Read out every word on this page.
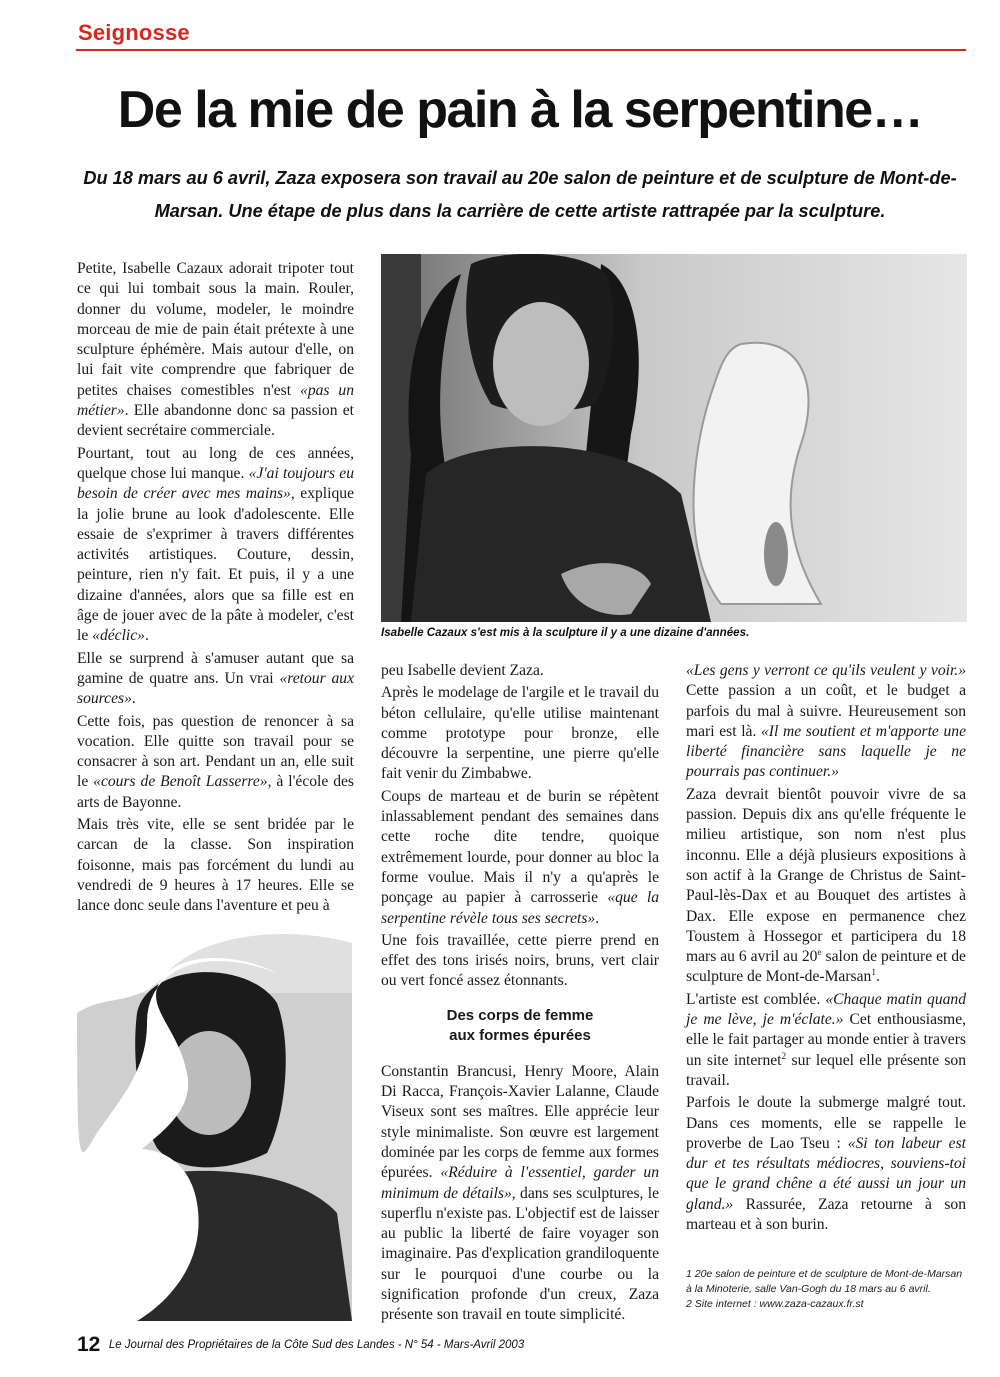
Seignosse
De la mie de pain à la serpentine…
Du 18 mars au 6 avril, Zaza exposera son travail au 20e salon de peinture et de sculpture de Mont-de-
Marsan. Une étape de plus dans la carrière de cette artiste rattrapée par la sculpture.

Petite, Isabelle Cazaux adorait tripoter tout ce qui lui tombait sous la main. Rouler, donner du volume, modeler, le moindre morceau de mie de pain était prétexte à une sculpture éphémère. Mais autour d'elle, on lui fait vite comprendre que fabriquer de petites chaises comestibles n'est «pas un métier». Elle abandonne donc sa passion et devient secrétaire commerciale.

Pourtant, tout au long de ces années, quelque chose lui manque. «J'ai toujours eu besoin de créer avec mes mains», explique la jolie brune au look d'adolescente. Elle essaie de s'exprimer à travers différentes activités artistiques. Couture, dessin, peinture, rien n'y fait. Et puis, il y a une dizaine d'années, alors que sa fille est en âge de jouer avec de la pâte à modeler, c'est le «déclic».

Elle se surprend à s'amuser autant que sa gamine de quatre ans. Un vrai «retour aux sources».

Cette fois, pas question de renoncer à sa vocation. Elle quitte son travail pour se consacrer à son art. Pendant un an, elle suit le «cours de Benoît Lasserre», à l'école des arts de Bayonne.

Mais très vite, elle se sent bridée par le carcan de la classe. Son inspiration foisonne, mais pas forcément du lundi au vendredi de 9 heures à 17 heures. Elle se lance donc seule dans l'aventure et peu à

Isabelle Cazaux s'est mis à la sculpture il y a une dizaine d'années.

peu Isabelle devient Zaza.

Après le modelage de l'argile et le travail du béton cellulaire, qu'elle utilise maintenant comme prototype pour bronze, elle découvre la serpentine, une pierre qu'elle fait venir du Zimbabwe.

Coups de marteau et de burin se répètent inlassablement pendant des semaines dans cette roche dite tendre, quoique extrêmement lourde, pour donner au bloc la forme voulue. Mais il n'y a qu'après le ponçage au papier à carrosserie «que la serpentine révèle tous ses secrets».

Une fois travaillée, cette pierre prend en effet des tons irisés noirs, bruns, vert clair ou vert foncé assez étonnants.

Des corps de femme
aux formes épurées

Constantin Brancusi, Henry Moore, Alain Di Racca, François-Xavier Lalanne, Claude Viseux sont ses maîtres. Elle apprécie leur style minimaliste. Son œuvre est largement dominée par les corps de femme aux formes épurées. «Réduire à l'essentiel, garder un minimum de détails», dans ses sculptures, le superflu n'existe pas. L'objectif est de laisser au public la liberté de faire voyager son imaginaire. Pas d'explication grandiloquente sur le pourquoi d'une courbe ou la signification profonde d'un creux, Zaza présente son travail en toute simplicité.

«Les gens y verront ce qu'ils veulent y voir.» Cette passion a un coût, et le budget a parfois du mal à suivre. Heureusement son mari est là. «Il me soutient et m'apporte une liberté financière sans laquelle je ne pourrais pas continuer.»

Zaza devrait bientôt pouvoir vivre de sa passion. Depuis dix ans qu'elle fréquente le milieu artistique, son nom n'est plus inconnu. Elle a déjà plusieurs expositions à son actif à la Grange de Christus de Saint-Paul-lès-Dax et au Bouquet des artistes à Dax. Elle expose en permanence chez Toustem à Hossegor et participera du 18 mars au 6 avril au 20e salon de peinture et de sculpture de Mont-de-Marsan$^1$.

L'artiste est comblée. «Chaque matin quand je me lève, je m'éclate.» Cet enthousiasme, elle le fait partager au monde entier à travers un site internet$^2$ sur lequel elle présente son travail.

Parfois le doute la submerge malgré tout. Dans ces moments, elle se rappelle le proverbe de Lao Tseu : «Si ton labeur est dur et tes résultats médiocres, souviens-toi que le grand chêne a été aussi un jour un gland.» Rassurée, Zaza retourne à son marteau et à son burin.

1 20e salon de peinture et de sculpture de Mont-de-Marsan
à la Minoterie, salle Van-Gogh du 18 mars au 6 avril.
2 Site internet : www.zaza-cazaux.fr.st
12 Le Journal des Propriétaires de la Côte Sud des Landes - N° 54 - Mars-Avril 2003
